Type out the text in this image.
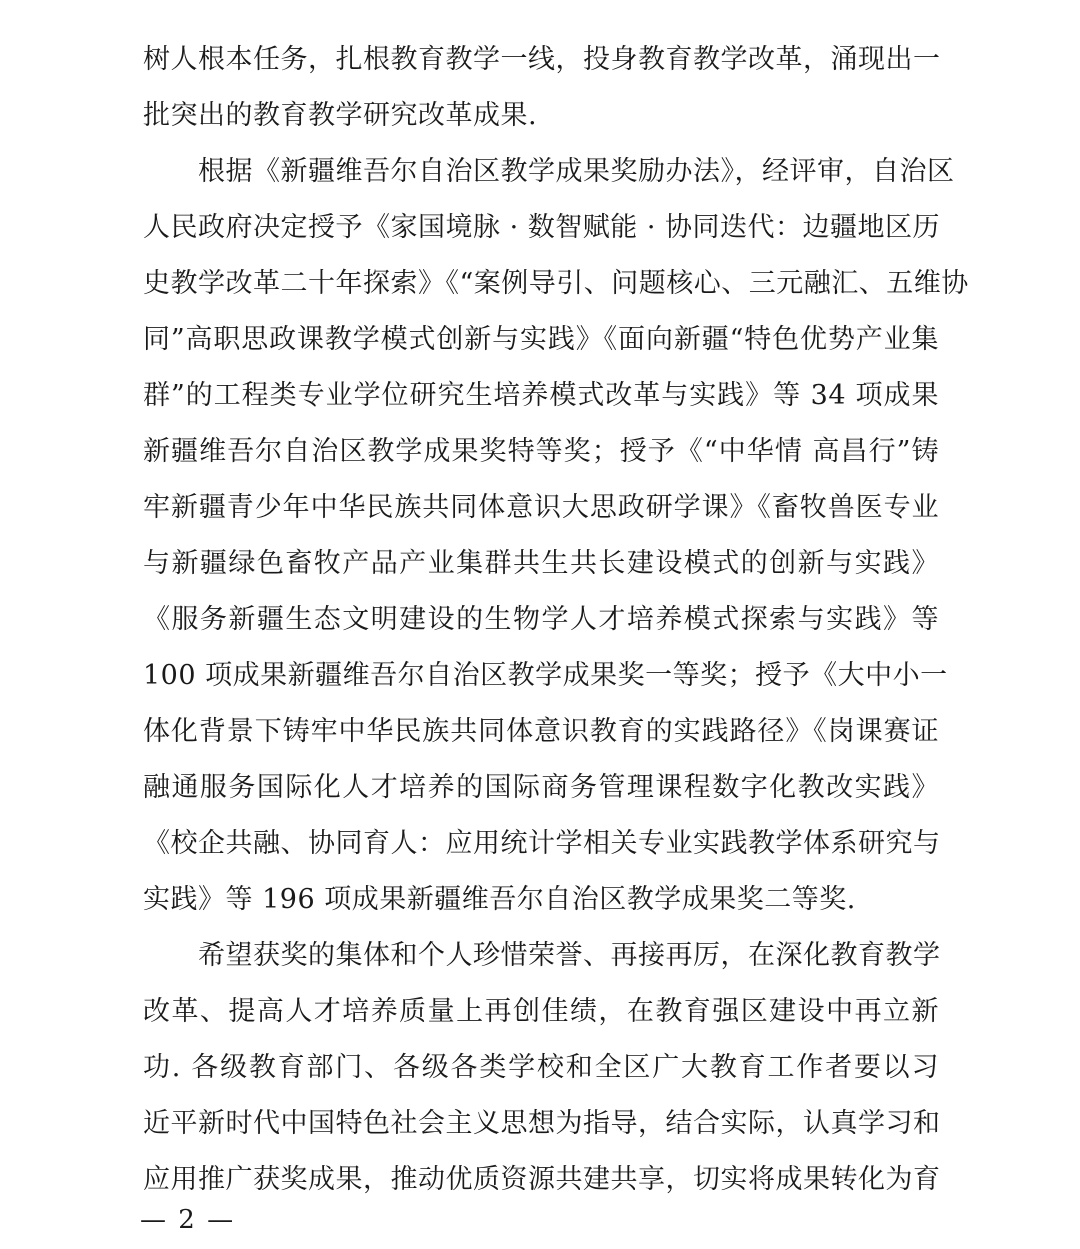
树人根本任务，扎根教育教学一线，投身教育教学改革，涌现出一
批突出的教育教学研究改革成果.
根据《新疆维吾尔自治区教学成果奖励办法》，经评审，自治区
人民政府决定授予《家国境脉 · 数智赋能 · 协同迭代：边疆地区历
史教学改革二十年探索》《“案例导引、问题核心、三元融汇、五维协
同”高职思政课教学模式创新与实践》《面向新疆“特色优势产业集
群”的工程类专业学位研究生培养模式改革与实践》等 34 项成果
新疆维吾尔自治区教学成果奖特等奖；授予《“中华情 高昌行”铸
牢新疆青少年中华民族共同体意识大思政研学课》《畜牧兽医专业
与新疆绿色畜牧产品产业集群共生共长建设模式的创新与实践》
《服务新疆生态文明建设的生物学人才培养模式探索与实践》等
100 项成果新疆维吾尔自治区教学成果奖一等奖；授予《大中小一
体化背景下铸牢中华民族共同体意识教育的实践路径》《岗课赛证
融通服务国际化人才培养的国际商务管理课程数字化教改实践》
《校企共融、协同育人：应用统计学相关专业实践教学体系研究与
实践》等 196 项成果新疆维吾尔自治区教学成果奖二等奖.
希望获奖的集体和个人珍惜荣誉、再接再厉，在深化教育教学
改革、提高人才培养质量上再创佳绩，在教育强区建设中再立新
功. 各级教育部门、各级各类学校和全区广大教育工作者要以习
近平新时代中国特色社会主义思想为指导，结合实际，认真学习和
应用推广获奖成果，推动优质资源共建共享，切实将成果转化为育
— 2 —
